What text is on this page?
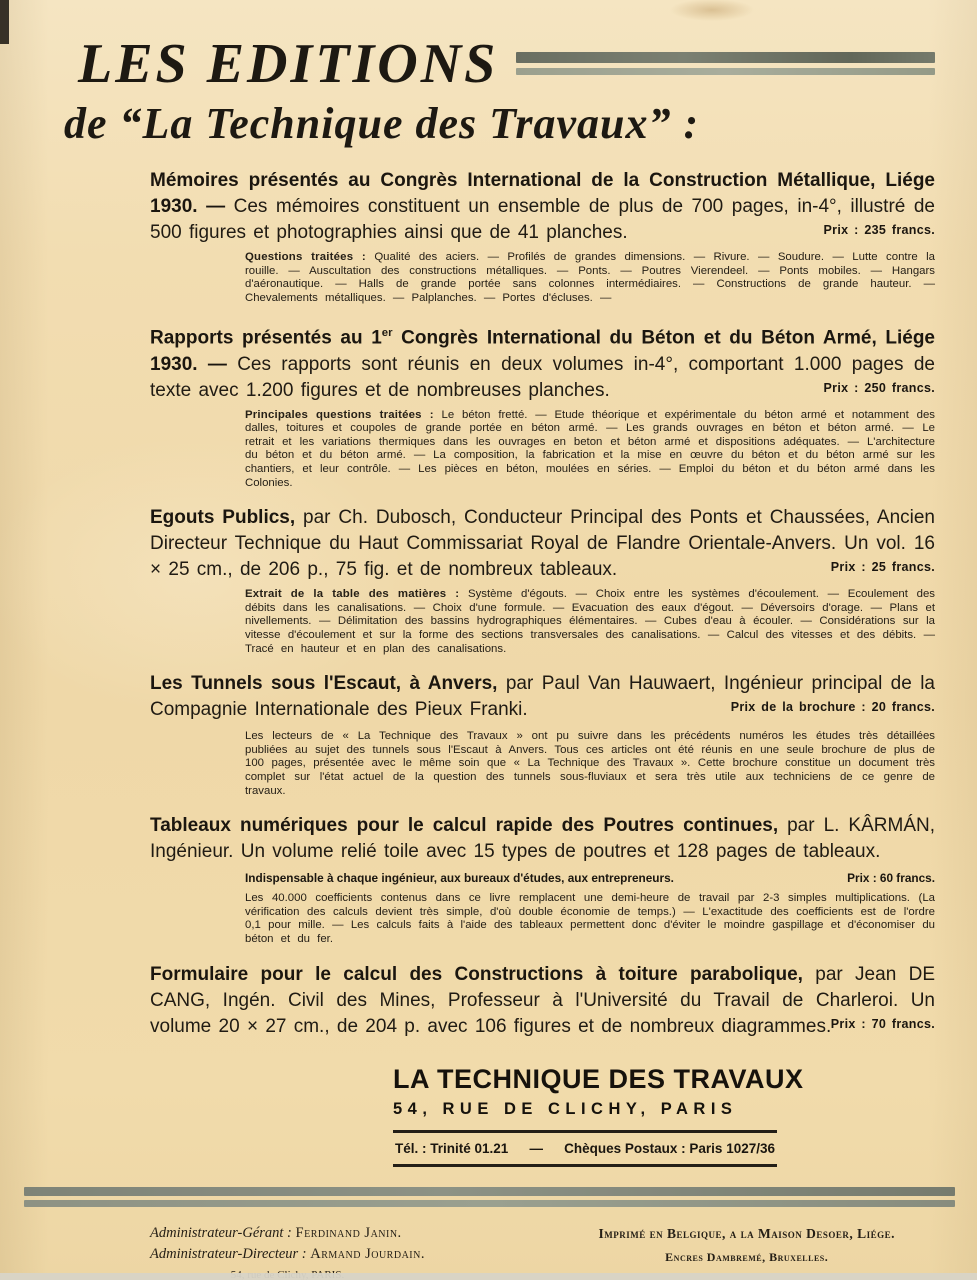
LES EDITIONS
de “La Technique des Travaux” :

Mémoires présentés au Congrès International de la Construction Métallique, Liége 1930. — Ces mémoires constituent un ensemble de plus de 700 pages, in-4°, illustré de 500 figures et photographies ainsi que de 41 planches.	Prix : 235 francs.

Questions traitées : Qualité des aciers. — Profilés de grandes dimensions. — Rivure. — Soudure. — Lutte contre la rouille. — Auscultation des constructions métalliques. — Ponts. — Poutres Vierendeel. — Ponts mobiles. — Hangars d'aéronautique. — Halls de grande portée sans colonnes intermédiaires. — Constructions de grande hauteur. — Chevalements métalliques. — Palplanches. — Portes d'écluses. —

Rapports présentés au 1er Congrès International du Béton et du Béton Armé, Liége 1930. — Ces rapports sont réunis en deux volumes in-4°, comportant 1.000 pages de texte avec 1.200 figures et de nombreuses planches.	Prix : 250 francs.

Principales questions traitées : Le béton fretté. — Etude théorique et expérimentale du béton armé et notamment des dalles, toitures et coupoles de grande portée en béton armé. — Les grands ouvrages en béton et béton armé. — Le retrait et les variations thermiques dans les ouvrages en beton et béton armé et dispositions adéquates. — L'architecture du béton et du béton armé. — La composition, la fabrication et la mise en œuvre du béton et du béton armé sur les chantiers, et leur contrôle. — Les pièces en béton, moulées en séries. — Emploi du béton et du béton armé dans les Colonies.

Egouts Publics, par Ch. Dubosch, Conducteur Principal des Ponts et Chaussées, Ancien Directeur Technique du Haut Commissariat Royal de Flandre Orientale-Anvers. Un vol. 16 × 25 cm., de 206 p., 75 fig. et de nombreux tableaux.	Prix : 25 francs.

Extrait de la table des matières : Système d'égouts. — Choix entre les systèmes d'écoulement. — Ecoulement des débits dans les canalisations. — Choix d'une formule. — Evacuation des eaux d'égout. — Déversoirs d'orage. — Plans et nivellements. — Délimitation des bassins hydrographiques élémentaires. — Cubes d'eau à écouler. — Considérations sur la vitesse d'écoulement et sur la forme des sections transversales des canalisations. — Calcul des vitesses et des débits. — Tracé en hauteur et en plan des canalisations.

Les Tunnels sous l'Escaut, à Anvers, par Paul Van Hauwaert, Ingénieur principal de la Compagnie Internationale des Pieux Franki.	Prix de la brochure : 20 francs.

Les lecteurs de « La Technique des Travaux » ont pu suivre dans les précédents numéros les études très détaillées publiées au sujet des tunnels sous l'Escaut à Anvers. Tous ces articles ont été réunis en une seule brochure de plus de 100 pages, présentée avec le même soin que « La Technique des Travaux ». Cette brochure constitue un document très complet sur l'état actuel de la question des tunnels sous-fluviaux et sera très utile aux techniciens de ce genre de travaux.

Tableaux numériques pour le calcul rapide des Poutres continues, par L. KÂRMÁN, Ingénieur. Un volume relié toile avec 15 types de poutres et 128 pages de tableaux.

Indispensable à chaque ingénieur, aux bureaux d'études, aux entrepreneurs.	Prix : 60 francs.

Les 40.000 coefficients contenus dans ce livre remplacent une demi-heure de travail par 2-3 simples multiplications. (La vérification des calculs devient très simple, d'où double économie de temps.) — L'exactitude des coefficients est de l'ordre 0,1 pour mille. — Les calculs faits à l'aide des tableaux permettent donc d'éviter le moindre gaspillage et d'économiser du béton et du fer.

Formulaire pour le calcul des Constructions à toiture parabolique, par Jean DE CANG, Ingén. Civil des Mines, Professeur à l'Université du Travail de Charleroi. Un volume 20 × 27 cm., de 204 p. avec 106 figures et de nombreux diagrammes. Prix : 70 francs.

LA TECHNIQUE DES TRAVAUX
54, RUE DE CLICHY, PARIS
Tél. : Trinité 01.21 — Chèques Postaux : Paris 1027/36
Administrateur-Gérant : Ferdinand Janin.
Administrateur-Directeur : Armand Jourdain.
Imprimé en Belgique, a la Maison Desoer, Liége.
Encres Dambremé, Bruxelles.
